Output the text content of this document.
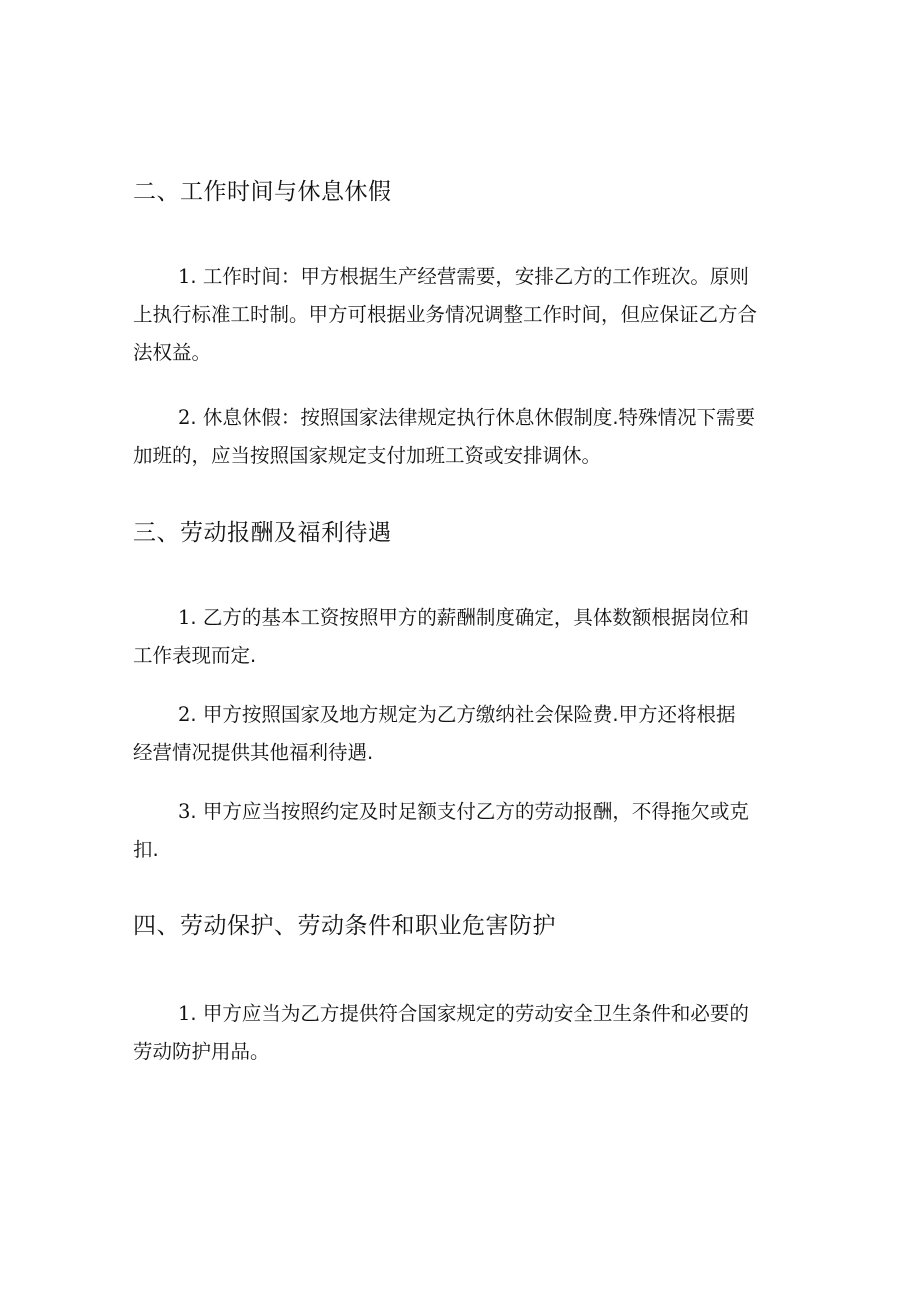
二、工作时间与休息休假
1. 工作时间：甲方根据生产经营需要，安排乙方的工作班次。原则
上执行标准工时制。甲方可根据业务情况调整工作时间，但应保证乙方合
法权益。
2. 休息休假：按照国家法律规定执行休息休假制度.特殊情况下需要
加班的，应当按照国家规定支付加班工资或安排调休。
三、劳动报酬及福利待遇
1. 乙方的基本工资按照甲方的薪酬制度确定，具体数额根据岗位和
工作表现而定.
2. 甲方按照国家及地方规定为乙方缴纳社会保险费.甲方还将根据
经营情况提供其他福利待遇.
3. 甲方应当按照约定及时足额支付乙方的劳动报酬，不得拖欠或克
扣.
四、劳动保护、劳动条件和职业危害防护
1. 甲方应当为乙方提供符合国家规定的劳动安全卫生条件和必要的
劳动防护用品。
